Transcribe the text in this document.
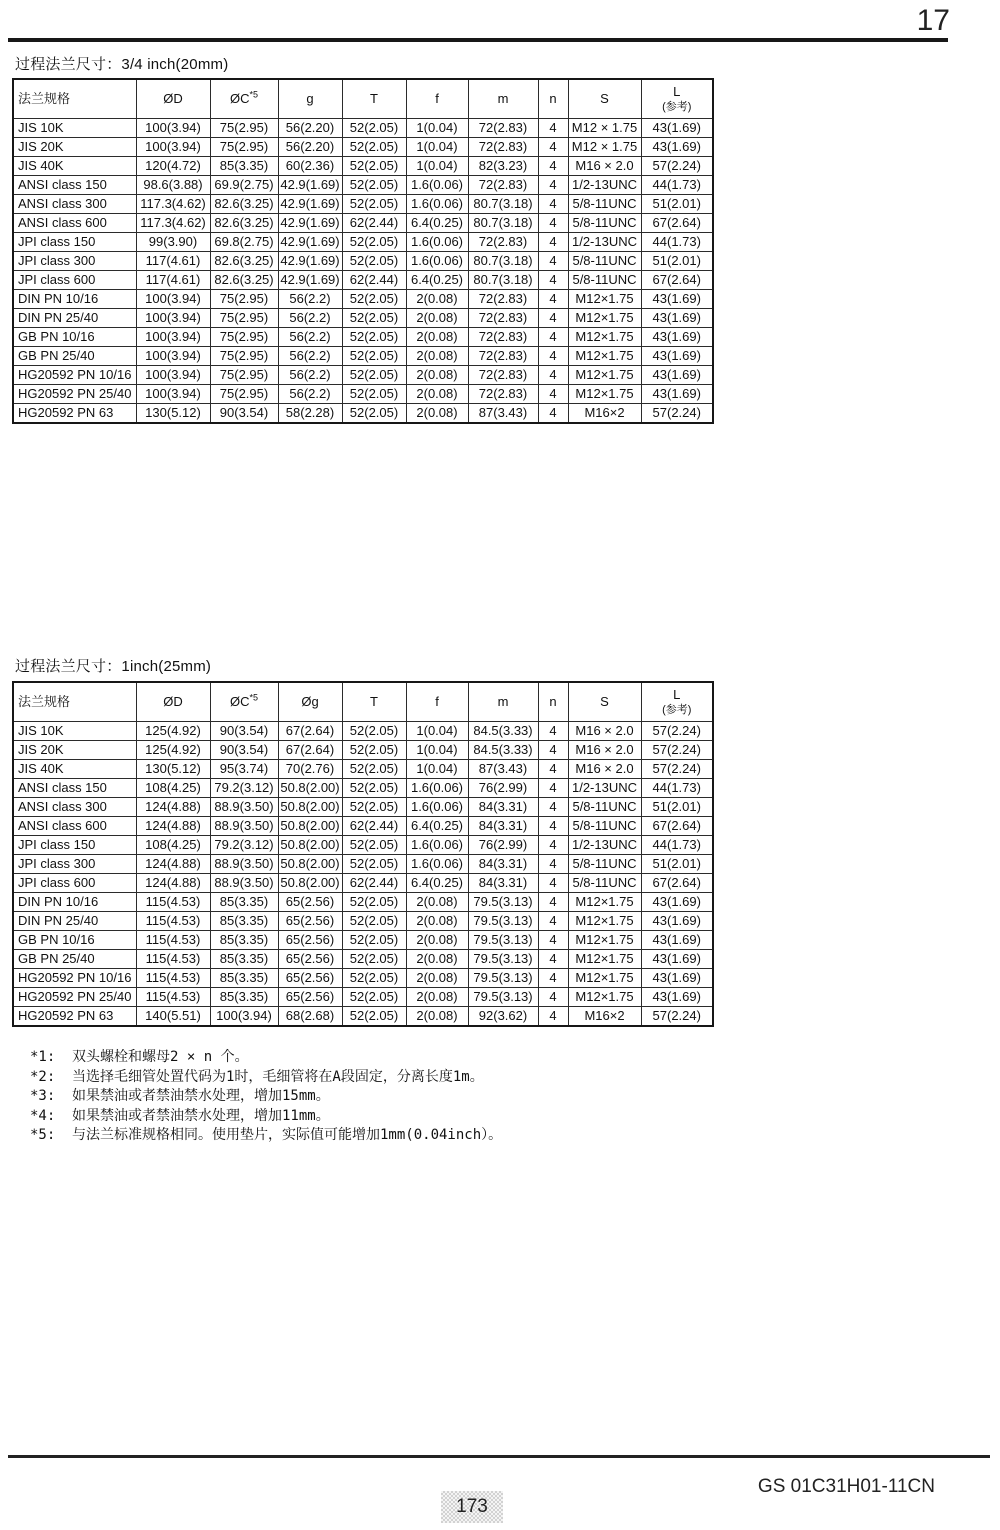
17
过程法兰尺寸：3/4 inch(20mm)
法兰规格	ØD	ØC$^{*5}$	g	T	f	m	n	S	L
(参考)

JIS 10K	100(3.94)	75(2.95)	56(2.20)	52(2.05)	1(0.04)	72(2.83)	4	M12 × 1.75	43(1.69)
JIS 20K	100(3.94)	75(2.95)	56(2.20)	52(2.05)	1(0.04)	72(2.83)	4	M12 × 1.75	43(1.69)
JIS 40K	120(4.72)	85(3.35)	60(2.36)	52(2.05)	1(0.04)	82(3.23)	4	M16 × 2.0	57(2.24)
ANSI class 150	98.6(3.88)	69.9(2.75)	42.9(1.69)	52(2.05)	1.6(0.06)	72(2.83)	4	1/2-13UNC	44(1.73)
ANSI class 300	117.3(4.62)	82.6(3.25)	42.9(1.69)	52(2.05)	1.6(0.06)	80.7(3.18)	4	5/8-11UNC	51(2.01)
ANSI class 600	117.3(4.62)	82.6(3.25)	42.9(1.69)	62(2.44)	6.4(0.25)	80.7(3.18)	4	5/8-11UNC	67(2.64)
JPI class 150	99(3.90)	69.8(2.75)	42.9(1.69)	52(2.05)	1.6(0.06)	72(2.83)	4	1/2-13UNC	44(1.73)
JPI class 300	117(4.61)	82.6(3.25)	42.9(1.69)	52(2.05)	1.6(0.06)	80.7(3.18)	4	5/8-11UNC	51(2.01)
JPI class 600	117(4.61)	82.6(3.25)	42.9(1.69)	62(2.44)	6.4(0.25)	80.7(3.18)	4	5/8-11UNC	67(2.64)
DIN PN 10/16	100(3.94)	75(2.95)	56(2.2)	52(2.05)	2(0.08)	72(2.83)	4	M12×1.75	43(1.69)
DIN PN 25/40	100(3.94)	75(2.95)	56(2.2)	52(2.05)	2(0.08)	72(2.83)	4	M12×1.75	43(1.69)
GB PN 10/16	100(3.94)	75(2.95)	56(2.2)	52(2.05)	2(0.08)	72(2.83)	4	M12×1.75	43(1.69)
GB PN 25/40	100(3.94)	75(2.95)	56(2.2)	52(2.05)	2(0.08)	72(2.83)	4	M12×1.75	43(1.69)
HG20592 PN 10/16	100(3.94)	75(2.95)	56(2.2)	52(2.05)	2(0.08)	72(2.83)	4	M12×1.75	43(1.69)
HG20592 PN 25/40	100(3.94)	75(2.95)	56(2.2)	52(2.05)	2(0.08)	72(2.83)	4	M12×1.75	43(1.69)
HG20592 PN 63	130(5.12)	90(3.54)	58(2.28)	52(2.05)	2(0.08)	87(3.43)	4	M16×2	57(2.24)
过程法兰尺寸：1inch(25mm)
法兰规格	ØD	ØC$^{*5}$	Øg	T	f	m	n	S	L
(参考)

JIS 10K	125(4.92)	90(3.54)	67(2.64)	52(2.05)	1(0.04)	84.5(3.33)	4	M16 × 2.0	57(2.24)
JIS 20K	125(4.92)	90(3.54)	67(2.64)	52(2.05)	1(0.04)	84.5(3.33)	4	M16 × 2.0	57(2.24)
JIS 40K	130(5.12)	95(3.74)	70(2.76)	52(2.05)	1(0.04)	87(3.43)	4	M16 × 2.0	57(2.24)
ANSI class 150	108(4.25)	79.2(3.12)	50.8(2.00)	52(2.05)	1.6(0.06)	76(2.99)	4	1/2-13UNC	44(1.73)
ANSI class 300	124(4.88)	88.9(3.50)	50.8(2.00)	52(2.05)	1.6(0.06)	84(3.31)	4	5/8-11UNC	51(2.01)
ANSI class 600	124(4.88)	88.9(3.50)	50.8(2.00)	62(2.44)	6.4(0.25)	84(3.31)	4	5/8-11UNC	67(2.64)
JPI class 150	108(4.25)	79.2(3.12)	50.8(2.00)	52(2.05)	1.6(0.06)	76(2.99)	4	1/2-13UNC	44(1.73)
JPI class 300	124(4.88)	88.9(3.50)	50.8(2.00)	52(2.05)	1.6(0.06)	84(3.31)	4	5/8-11UNC	51(2.01)
JPI class 600	124(4.88)	88.9(3.50)	50.8(2.00)	62(2.44)	6.4(0.25)	84(3.31)	4	5/8-11UNC	67(2.64)
DIN PN 10/16	115(4.53)	85(3.35)	65(2.56)	52(2.05)	2(0.08)	79.5(3.13)	4	M12×1.75	43(1.69)
DIN PN 25/40	115(4.53)	85(3.35)	65(2.56)	52(2.05)	2(0.08)	79.5(3.13)	4	M12×1.75	43(1.69)
GB PN 10/16	115(4.53)	85(3.35)	65(2.56)	52(2.05)	2(0.08)	79.5(3.13)	4	M12×1.75	43(1.69)
GB PN 25/40	115(4.53)	85(3.35)	65(2.56)	52(2.05)	2(0.08)	79.5(3.13)	4	M12×1.75	43(1.69)
HG20592 PN 10/16	115(4.53)	85(3.35)	65(2.56)	52(2.05)	2(0.08)	79.5(3.13)	4	M12×1.75	43(1.69)
HG20592 PN 25/40	115(4.53)	85(3.35)	65(2.56)	52(2.05)	2(0.08)	79.5(3.13)	4	M12×1.75	43(1.69)
HG20592 PN 63	140(5.51)	100(3.94)	68(2.68)	52(2.05)	2(0.08)	92(3.62)	4	M16×2	57(2.24)
*1:	双头螺栓和螺母2 × n 个。
*2:	当选择毛细管处置代码为1时，毛细管将在A段固定，分离长度1m。
*3:	如果禁油或者禁油禁水处理，增加15mm。
*4:	如果禁油或者禁油禁水处理，增加11mm。
*5:	与法兰标准规格相同。使用垫片，实际值可能增加1mm(0.04inch）。
GS 01C31H01-11CN
173
